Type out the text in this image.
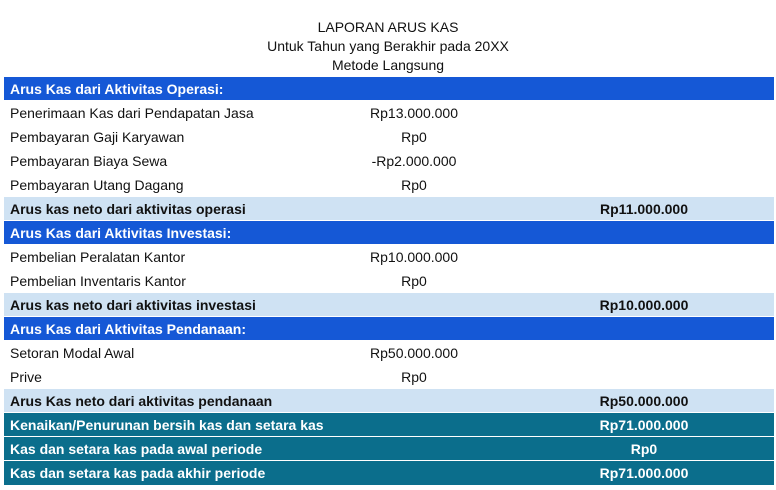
LAPORAN ARUS KAS
Untuk Tahun yang Berakhir pada 20XX
Metode Langsung
Arus Kas dari Aktivitas Operasi:
Penerimaan Kas dari Pendapatan Jasa	Rp13.000.000
Pembayaran Gaji Karyawan	Rp0
Pembayaran Biaya Sewa	-Rp2.000.000
Pembayaran Utang Dagang	Rp0
Arus kas neto dari aktivitas operasi	Rp11.000.000
Arus Kas dari Aktivitas Investasi:
Pembelian Peralatan Kantor	Rp10.000.000
Pembelian Inventaris Kantor	Rp0
Arus kas neto dari aktivitas investasi	Rp10.000.000
Arus Kas dari Aktivitas Pendanaan:
Setoran Modal Awal	Rp50.000.000
Prive	Rp0
Arus Kas neto dari aktivitas pendanaan	Rp50.000.000
Kenaikan/Penurunan bersih kas dan setara kas	Rp71.000.000
Kas dan setara kas pada awal periode	Rp0
Kas dan setara kas pada akhir periode	Rp71.000.000
